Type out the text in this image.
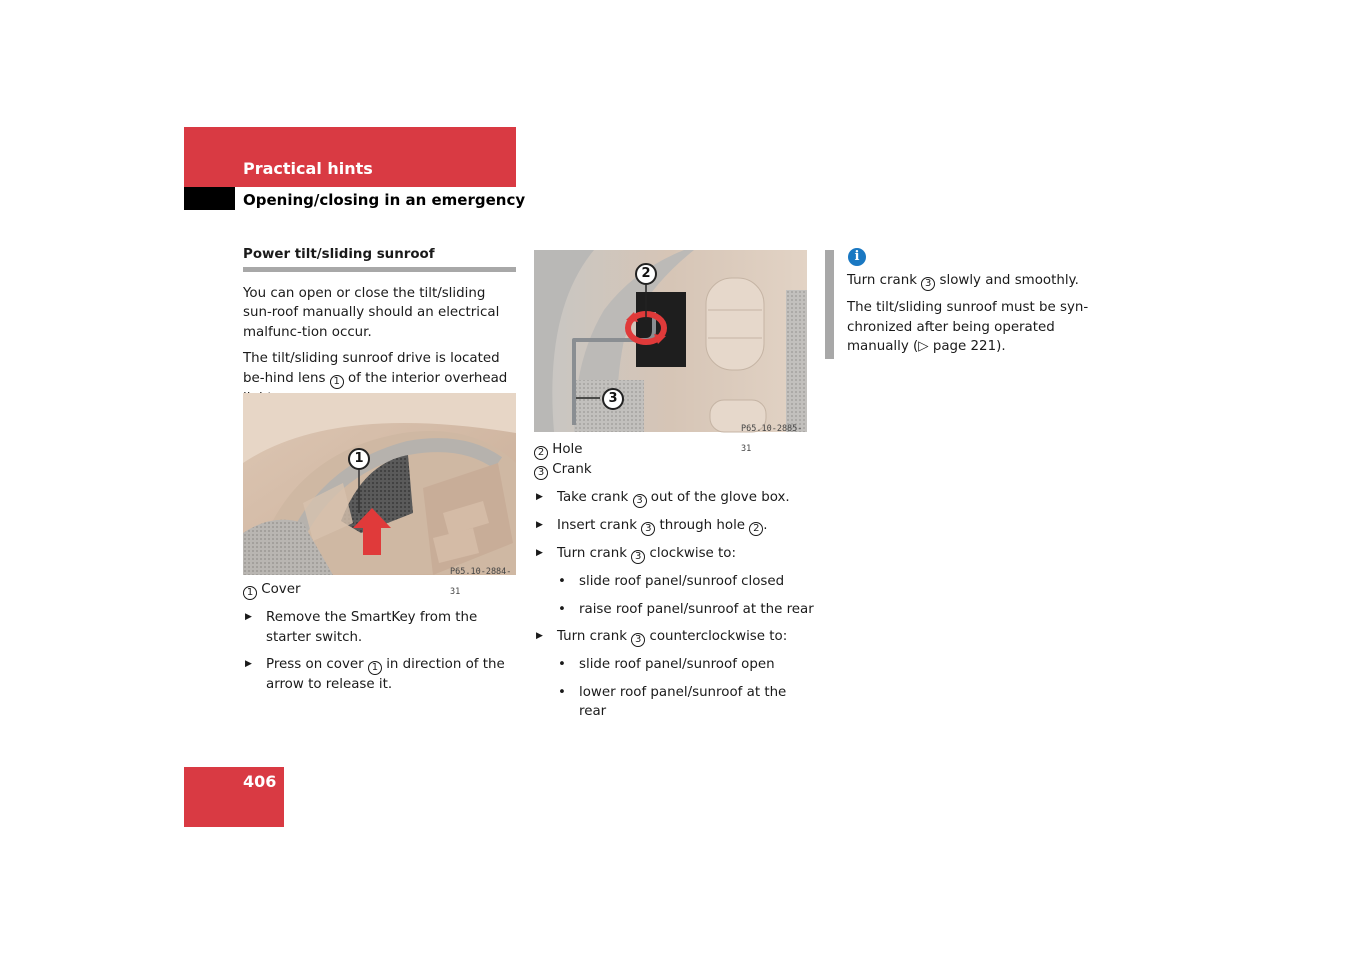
Practical hints
Opening/closing in an emergency
Power tilt/sliding sunroof

You can open or close the tilt/sliding sun-roof manually should an electrical malfunc-tion occur.

The tilt/sliding sunroof drive is located be-hind lens 1 of the interior overhead

1
P65.10-2884-31

1 Cover

▶ Remove the SmartKey from the starter switch.

▶ Press on cover 1 in direction of the arrow to release it.

2
3
P65.10-2885-31

2 Hole

3 Crank

▶ Take crank 3 out of the glove box.

▶ Insert crank 3 through hole 2 .

▶ Turn crank 3 clockwise to:

• slide roof panel/sunroof closed

• raise roof panel/sunroof at the rear

▶ Turn crank 3 counterclockwise to:

• slide roof panel/sunroof open

• lower roof panel/sunroof at the rear

i

Turn crank 3 slowly and smoothly.

The tilt/sliding sunroof must be syn-chronized after being operated manually (▷ page 221).

406
